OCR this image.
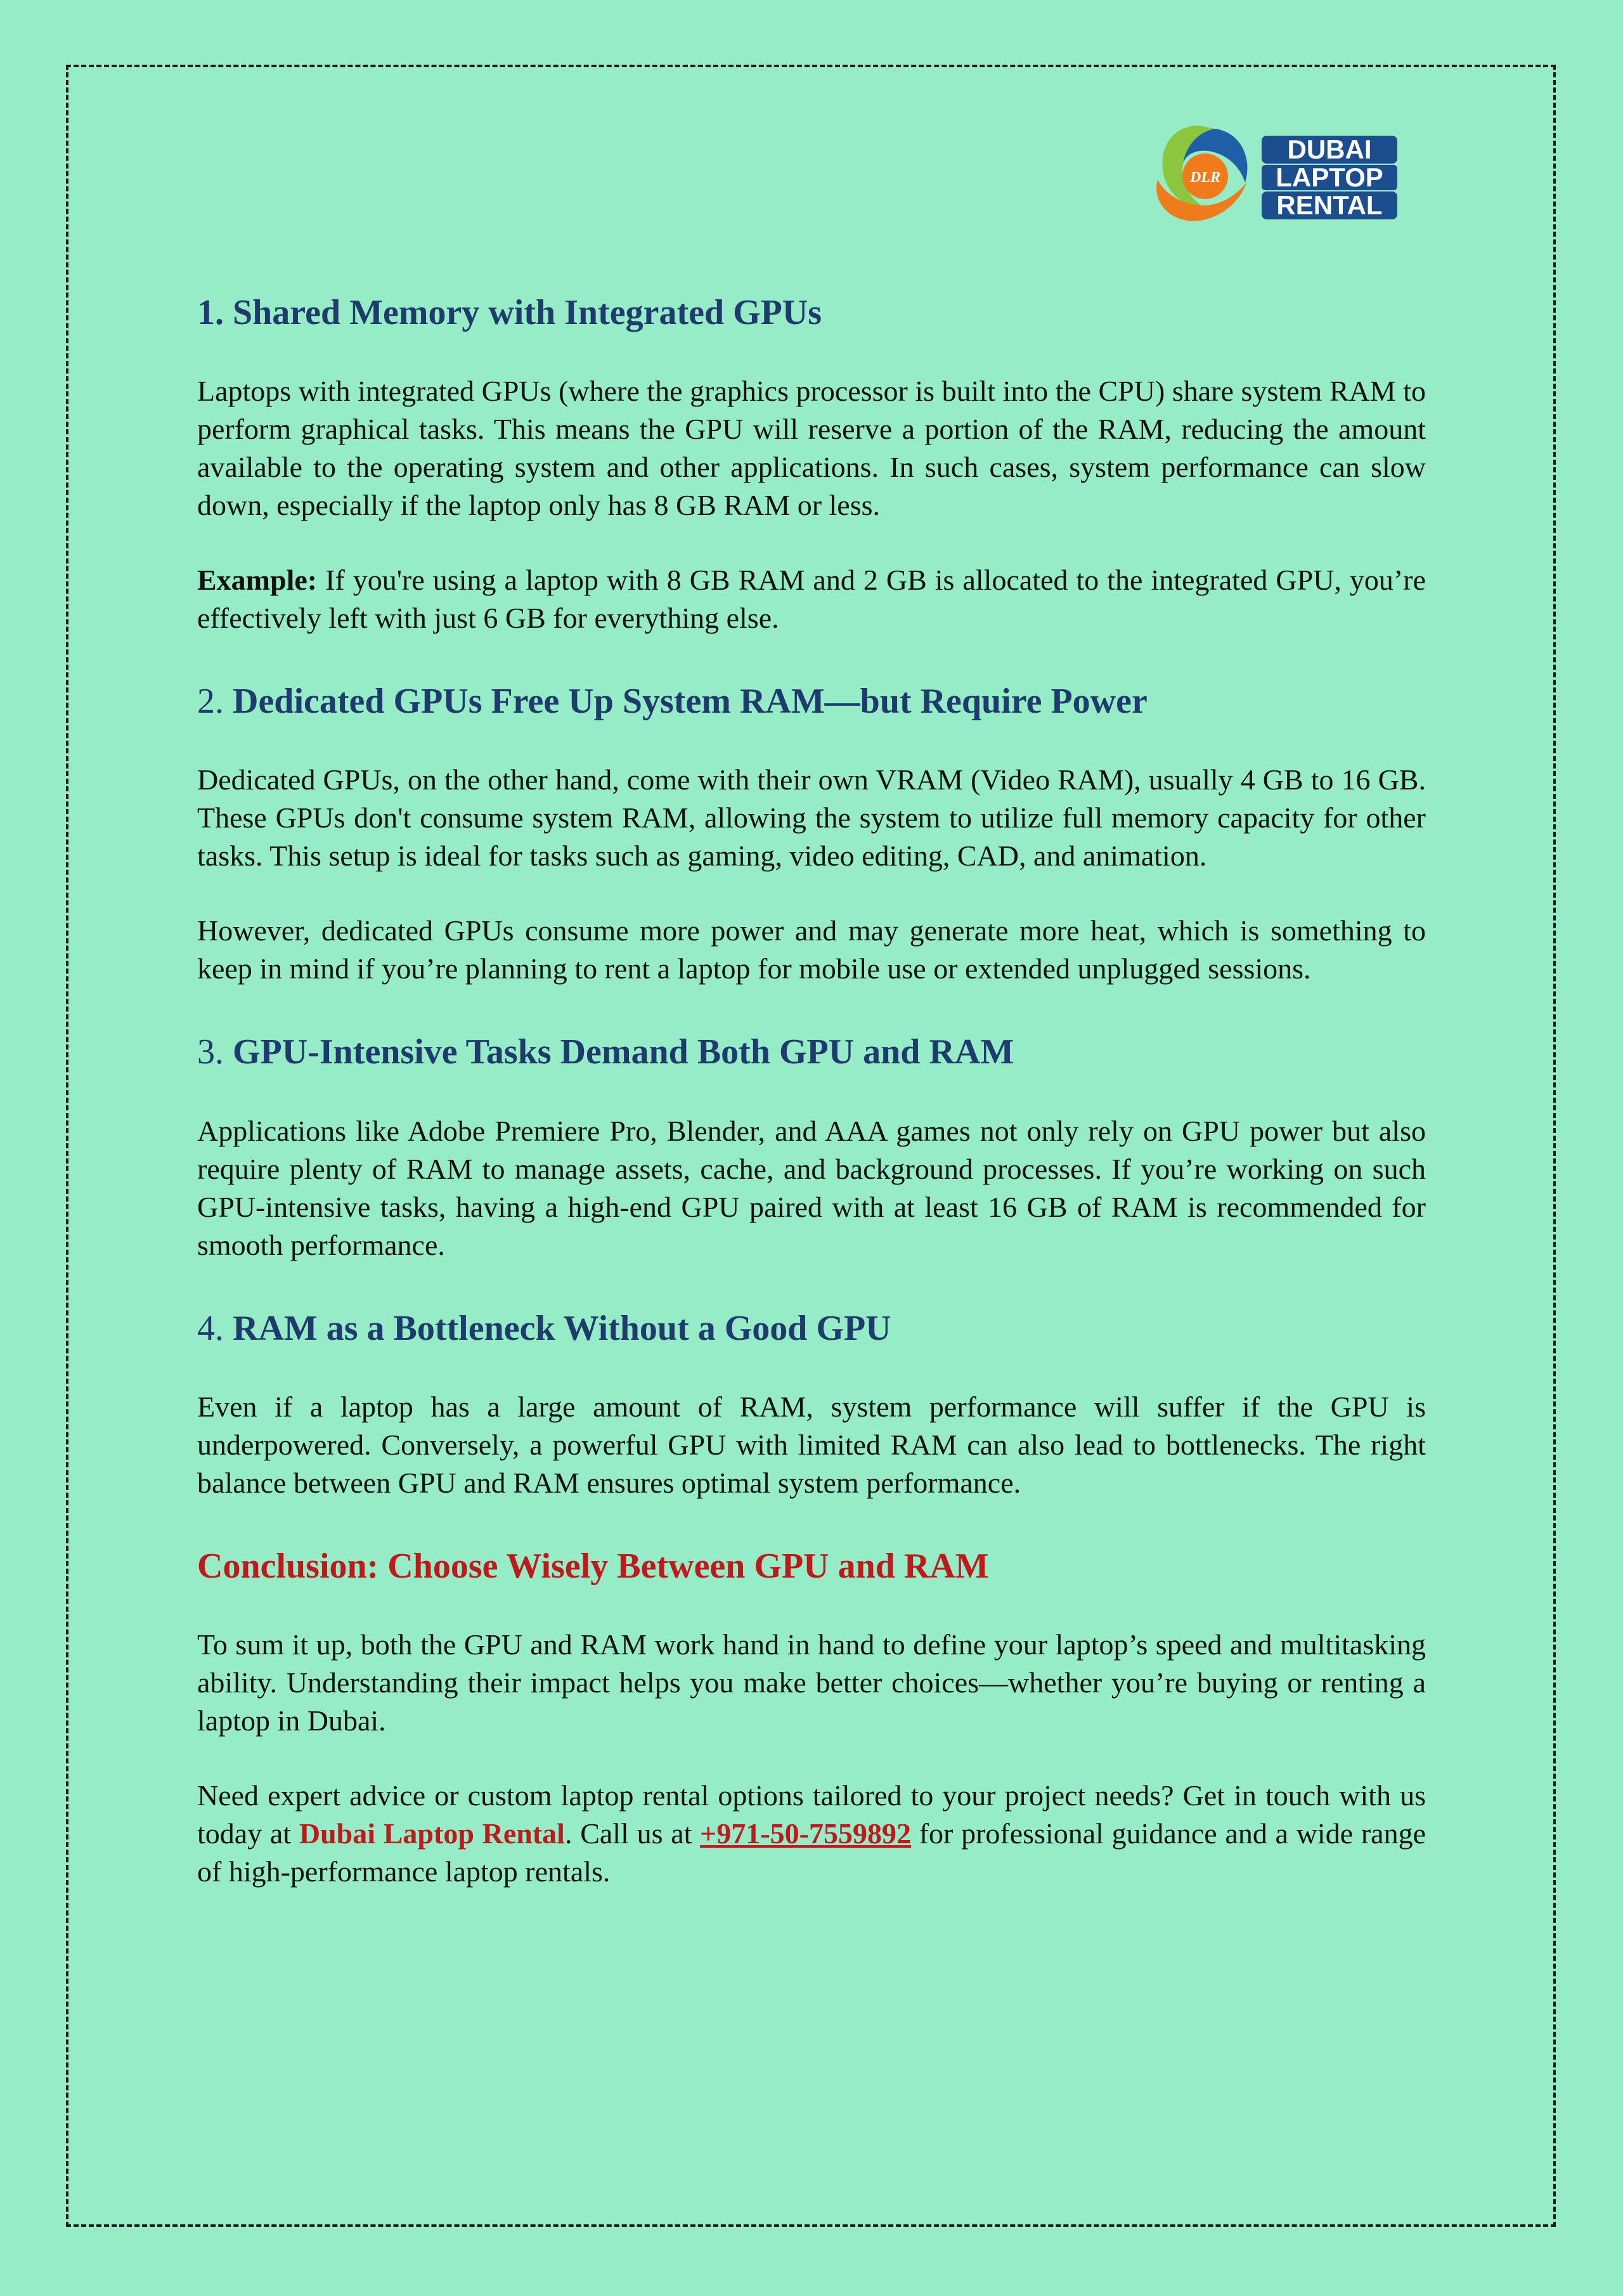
DLR
DUBAI
LAPTOP
RENTAL
1. Shared Memory with Integrated GPUs

Laptops with integrated GPUs (where the graphics processor is built into the CPU) share system RAM to perform graphical tasks. This means the GPU will reserve a portion of the RAM, reducing the amount available to the operating system and other applications. In such cases, system performance can slow down, especially if the laptop only has 8 GB RAM or less.

Example: If you're using a laptop with 8 GB RAM and 2 GB is allocated to the integrated GPU, you’re effectively left with just 6 GB for everything else.

2. Dedicated GPUs Free Up System RAM—but Require Power

Dedicated GPUs, on the other hand, come with their own VRAM (Video RAM), usually 4 GB to 16 GB. These GPUs don't consume system RAM, allowing the system to utilize full memory capacity for other tasks. This setup is ideal for tasks such as gaming, video editing, CAD, and animation.

However, dedicated GPUs consume more power and may generate more heat, which is something to keep in mind if you’re planning to rent a laptop for mobile use or extended unplugged sessions.

3. GPU-Intensive Tasks Demand Both GPU and RAM

Applications like Adobe Premiere Pro, Blender, and AAA games not only rely on GPU power but also require plenty of RAM to manage assets, cache, and background processes. If you’re working on such GPU-intensive tasks, having a high-end GPU paired with at least 16 GB of RAM is recommended for smooth performance.

4. RAM as a Bottleneck Without a Good GPU

Even if a laptop has a large amount of RAM, system performance will suffer if the GPU is underpowered. Conversely, a powerful GPU with limited RAM can also lead to bottlenecks. The right balance between GPU and RAM ensures optimal system performance.

Conclusion: Choose Wisely Between GPU and RAM

To sum it up, both the GPU and RAM work hand in hand to define your laptop’s speed and multitasking ability. Understanding their impact helps you make better choices—whether you’re buying or renting a laptop in Dubai.

Need expert advice or custom laptop rental options tailored to your project needs? Get in touch with us today at Dubai Laptop Rental. Call us at +971-50-7559892 for professional guidance and a wide range of high-performance laptop rentals.
